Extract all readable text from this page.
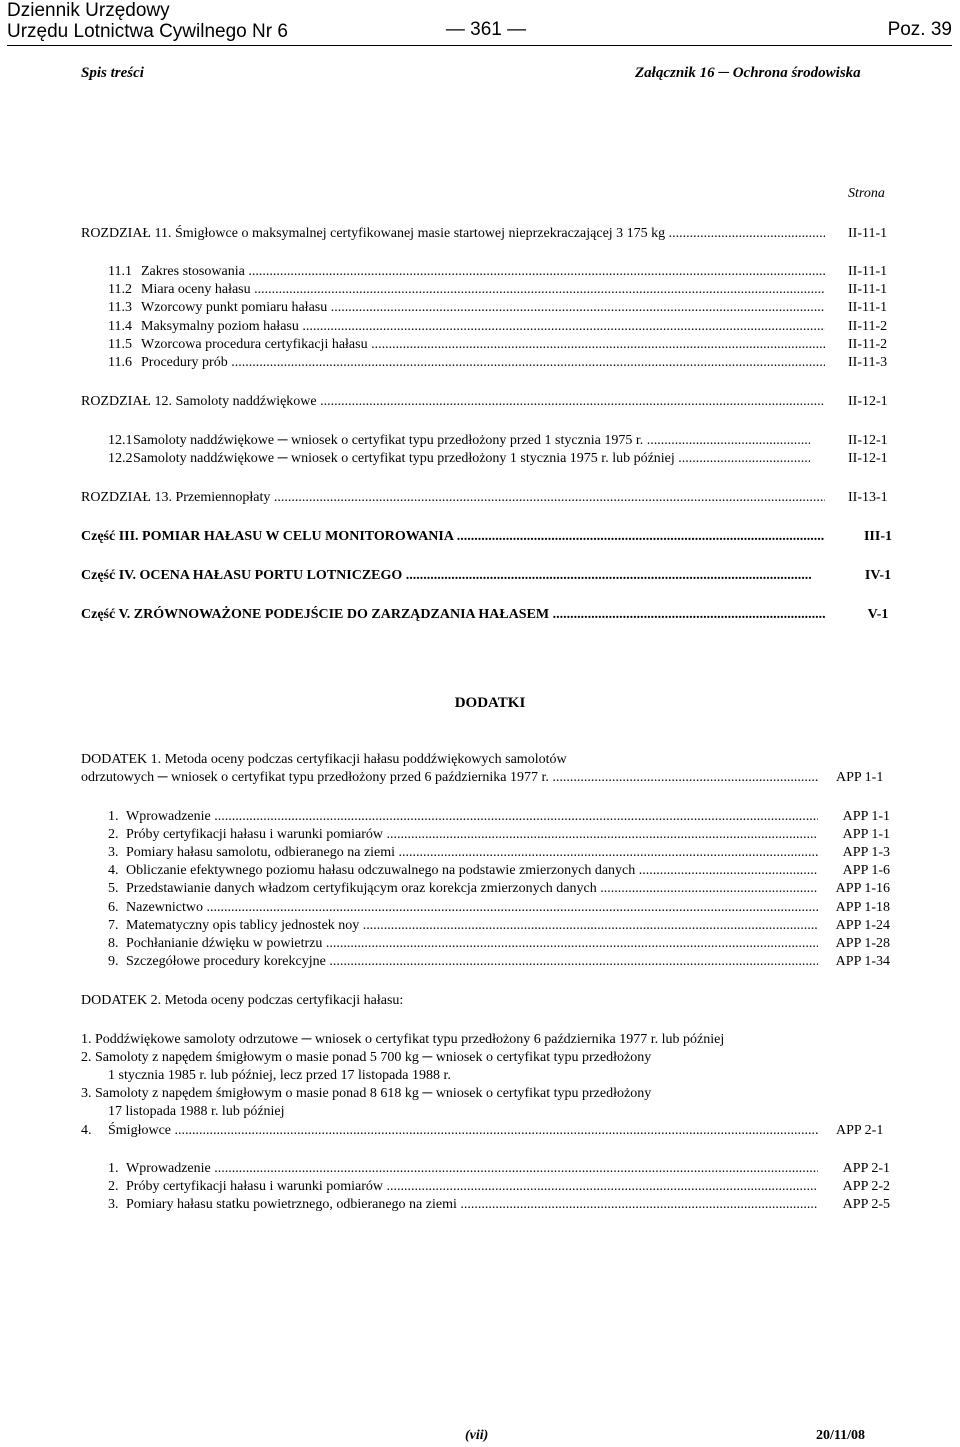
Dziennik Urzędowy
Urzędu Lotnictwa Cywilnego Nr 6	— 361 —	Poz. 39
Spis treści	Załącznik 16 ─ Ochrona środowiska
Strona
ROZDZIAŁ 11. Śmigłowce o maksymalnej certyfikowanej masie startowej nieprzekraczającej 3 175 kg .....	II-11-1
11.1 Zakres stosowania .....	II-11-1
11.2 Miara oceny hałasu .....	II-11-1
11.3 Wzorcowy punkt pomiaru hałasu .....	II-11-1
11.4 Maksymalny poziom hałasu .....	II-11-2
11.5 Wzorcowa procedura certyfikacji hałasu .....	II-11-2
11.6 Procedury prób .....	II-11-3
ROZDZIAŁ 12. Samoloty naddźwiękowe .....	II-12-1
12.1 Samoloty naddźwiękowe ─ wniosek o certyfikat typu przedłożony przed 1 stycznia 1975 r. .....	II-12-1
12.2 Samoloty naddźwiękowe ─ wniosek o certyfikat typu przedłożony 1 stycznia 1975 r. lub później .....	II-12-1
ROZDZIAŁ 13. Przemiennopłaty .....	II-13-1
Część III. POMIAR HAŁASU W CELU MONITOROWANIA .....	III-1
Część IV. OCENA HAŁASU PORTU LOTNICZEGO .....	IV-1
Część V. ZRÓWNOWAŻONE PODEJŚCIE DO ZARZĄDZANIA HAŁASEM .....	V-1
DODATKI
DODATEK 1. Metoda oceny podczas certyfikacji hałasu poddźwiękowych samolotów
odrzutowych ─ wniosek o certyfikat typu przedłożony przed 6 października 1977 r. .....	APP 1-1
1. Wprowadzenie .....	APP 1-1
2. Próby certyfikacji hałasu i warunki pomiarów .....	APP 1-1
3. Pomiary hałasu samolotu, odbieranego na ziemi .....	APP 1-3
4. Obliczanie efektywnego poziomu hałasu odczuwalnego na podstawie zmierzonych danych .....	APP 1-6
5. Przedstawianie danych władzom certyfikującym oraz korekcja zmierzonych danych .....	APP 1-16
6. Nazewnictwo .....	APP 1-18
7. Matematyczny opis tablicy jednostek noy .....	APP 1-24
8. Pochłanianie dźwięku w powietrzu .....	APP 1-28
9. Szczegółowe procedury korekcyjne .....	APP 1-34
DODATEK 2. Metoda oceny podczas certyfikacji hałasu:
1. Poddźwiękowe samoloty odrzutowe ─ wniosek o certyfikat typu przedłożony 6 października 1977 r. lub później
2. Samoloty z napędem śmigłowym o masie ponad 5 700 kg ─ wniosek o certyfikat typu przedłożony
1 stycznia 1985 r. lub później, lecz przed 17 listopada 1988 r.
3. Samoloty z napędem śmigłowym o masie ponad 8 618 kg ─ wniosek o certyfikat typu przedłożony
17 listopada 1988 r. lub później
4.	Śmigłowce .....	APP 2-1
1. Wprowadzenie .....	APP 2-1
2. Próby certyfikacji hałasu i warunki pomiarów .....	APP 2-2
3. Pomiary hałasu statku powietrznego, odbieranego na ziemi .....	APP 2-5
(vii)	20/11/08
